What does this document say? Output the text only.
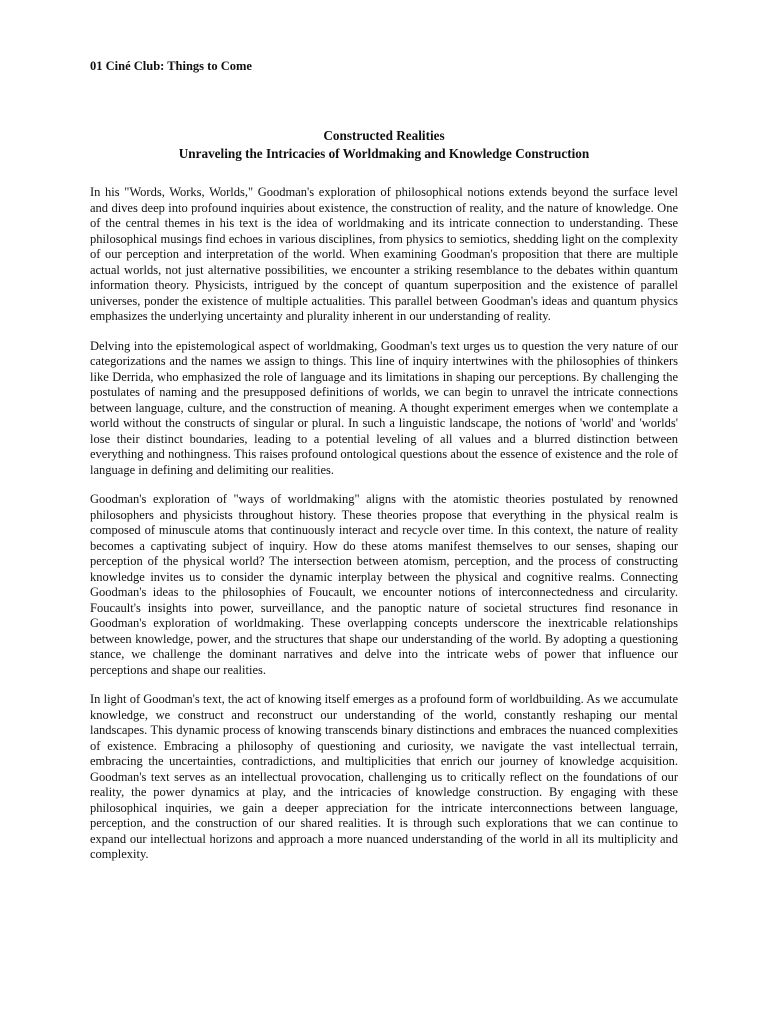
01 Ciné Club: Things to Come

Constructed Realities
Unraveling the Intricacies of Worldmaking and Knowledge Construction

In his "Words, Works, Worlds," Goodman's exploration of philosophical notions extends beyond the surface level and dives deep into profound inquiries about existence, the construction of reality, and the nature of knowledge. One of the central themes in his text is the idea of worldmaking and its intricate connection to understanding. These philosophical musings find echoes in various disciplines, from physics to semiotics, shedding light on the complexity of our perception and interpretation of the world. When examining Goodman's proposition that there are multiple actual worlds, not just alternative possibilities, we encounter a striking resemblance to the debates within quantum information theory. Physicists, intrigued by the concept of quantum superposition and the existence of parallel universes, ponder the existence of multiple actualities. This parallel between Goodman's ideas and quantum physics emphasizes the underlying uncertainty and plurality inherent in our understanding of reality.

Delving into the epistemological aspect of worldmaking, Goodman's text urges us to question the very nature of our categorizations and the names we assign to things. This line of inquiry intertwines with the philosophies of thinkers like Derrida, who emphasized the role of language and its limitations in shaping our perceptions. By challenging the postulates of naming and the presupposed definitions of worlds, we can begin to unravel the intricate connections between language, culture, and the construction of meaning. A thought experiment emerges when we contemplate a world without the constructs of singular or plural. In such a linguistic landscape, the notions of 'world' and 'worlds' lose their distinct boundaries, leading to a potential leveling of all values and a blurred distinction between everything and nothingness. This raises profound ontological questions about the essence of existence and the role of language in defining and delimiting our realities.

Goodman's exploration of "ways of worldmaking" aligns with the atomistic theories postulated by renowned philosophers and physicists throughout history. These theories propose that everything in the physical realm is composed of minuscule atoms that continuously interact and recycle over time. In this context, the nature of reality becomes a captivating subject of inquiry. How do these atoms manifest themselves to our senses, shaping our perception of the physical world? The intersection between atomism, perception, and the process of constructing knowledge invites us to consider the dynamic interplay between the physical and cognitive realms. Connecting Goodman's ideas to the philosophies of Foucault, we encounter notions of interconnectedness and circularity. Foucault's insights into power, surveillance, and the panoptic nature of societal structures find resonance in Goodman's exploration of worldmaking. These overlapping concepts underscore the inextricable relationships between knowledge, power, and the structures that shape our understanding of the world. By adopting a questioning stance, we challenge the dominant narratives and delve into the intricate webs of power that influence our perceptions and shape our realities.

In light of Goodman's text, the act of knowing itself emerges as a profound form of worldbuilding. As we accumulate knowledge, we construct and reconstruct our understanding of the world, constantly reshaping our mental landscapes. This dynamic process of knowing transcends binary distinctions and embraces the nuanced complexities of existence. Embracing a philosophy of questioning and curiosity, we navigate the vast intellectual terrain, embracing the uncertainties, contradictions, and multiplicities that enrich our journey of knowledge acquisition. Goodman's text serves as an intellectual provocation, challenging us to critically reflect on the foundations of our reality, the power dynamics at play, and the intricacies of knowledge construction. By engaging with these philosophical inquiries, we gain a deeper appreciation for the intricate interconnections between language, perception, and the construction of our shared realities. It is through such explorations that we can continue to expand our intellectual horizons and approach a more nuanced understanding of the world in all its multiplicity and complexity.
